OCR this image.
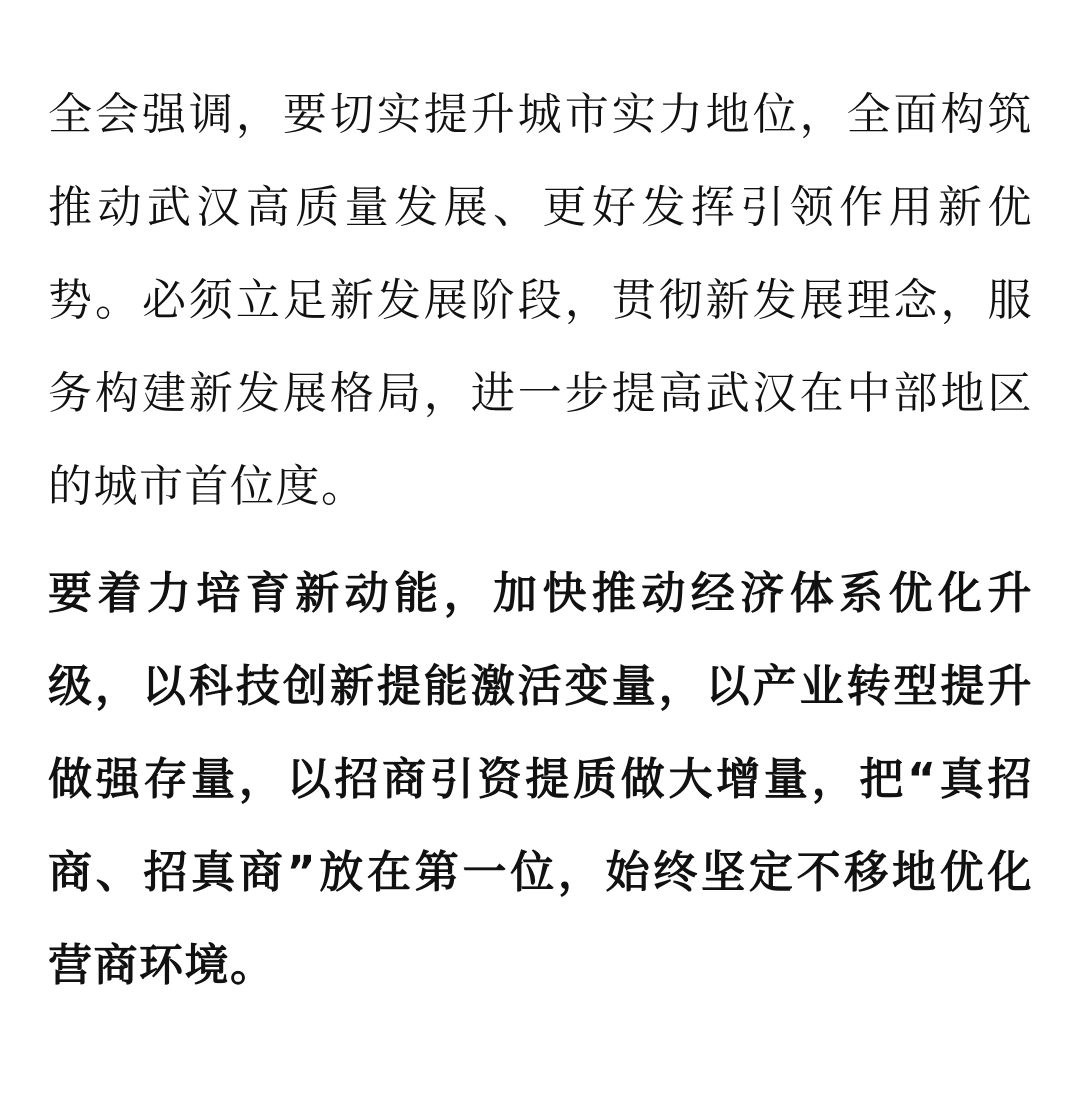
全会强调，要切实提升城市实力地位，全面构筑推动武汉高质量发展、更好发挥引领作用新优势。必须立足新发展阶段，贯彻新发展理念，服务构建新发展格局，进一步提高武汉在中部地区的城市首位度。

要着力培育新动能，加快推动经济体系优化升级，以科技创新提能激活变量，以产业转型提升做强存量，以招商引资提质做大增量，把“真招商、招真商”放在第一位，始终坚定不移地优化营商环境。
